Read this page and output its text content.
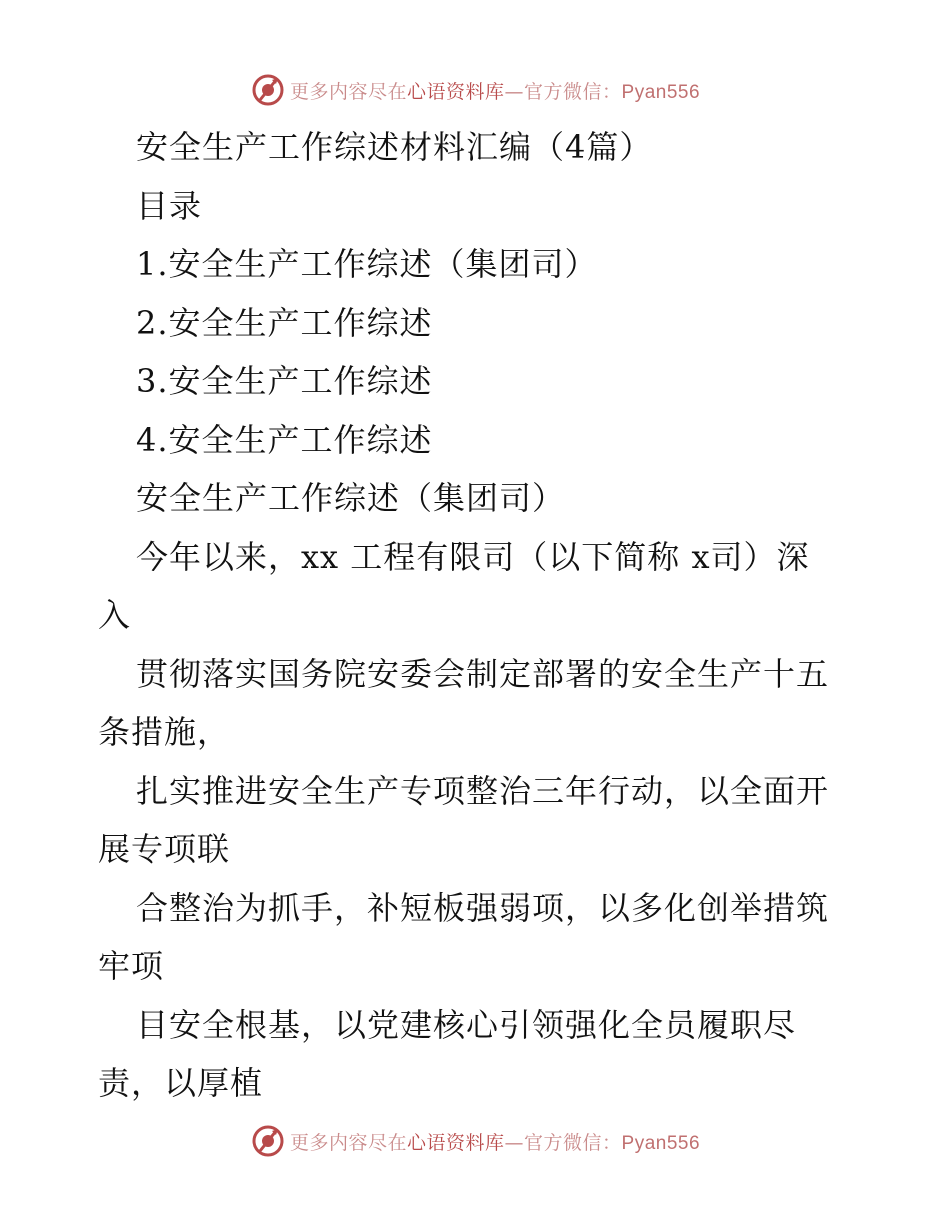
更多内容尽在心语资料库—官方微信：Pyan556
安全生产工作综述材料汇编（4篇）
目录
1.安全生产工作综述（集团司）
2.安全生产工作综述
3.安全生产工作综述
4.安全生产工作综述
安全生产工作综述（集团司）
今年以来，xx 工程有限司（以下简称 x司）深
入
贯彻落实国务院安委会制定部署的安全生产十五
条措施，
扎实推进安全生产专项整治三年行动，以全面开
展专项联
合整治为抓手，补短板强弱项，以多化创举措筑
牢项
目安全根基，以党建核心引领强化全员履职尽
责，以厚植
更多内容尽在心语资料库—官方微信：Pyan556
